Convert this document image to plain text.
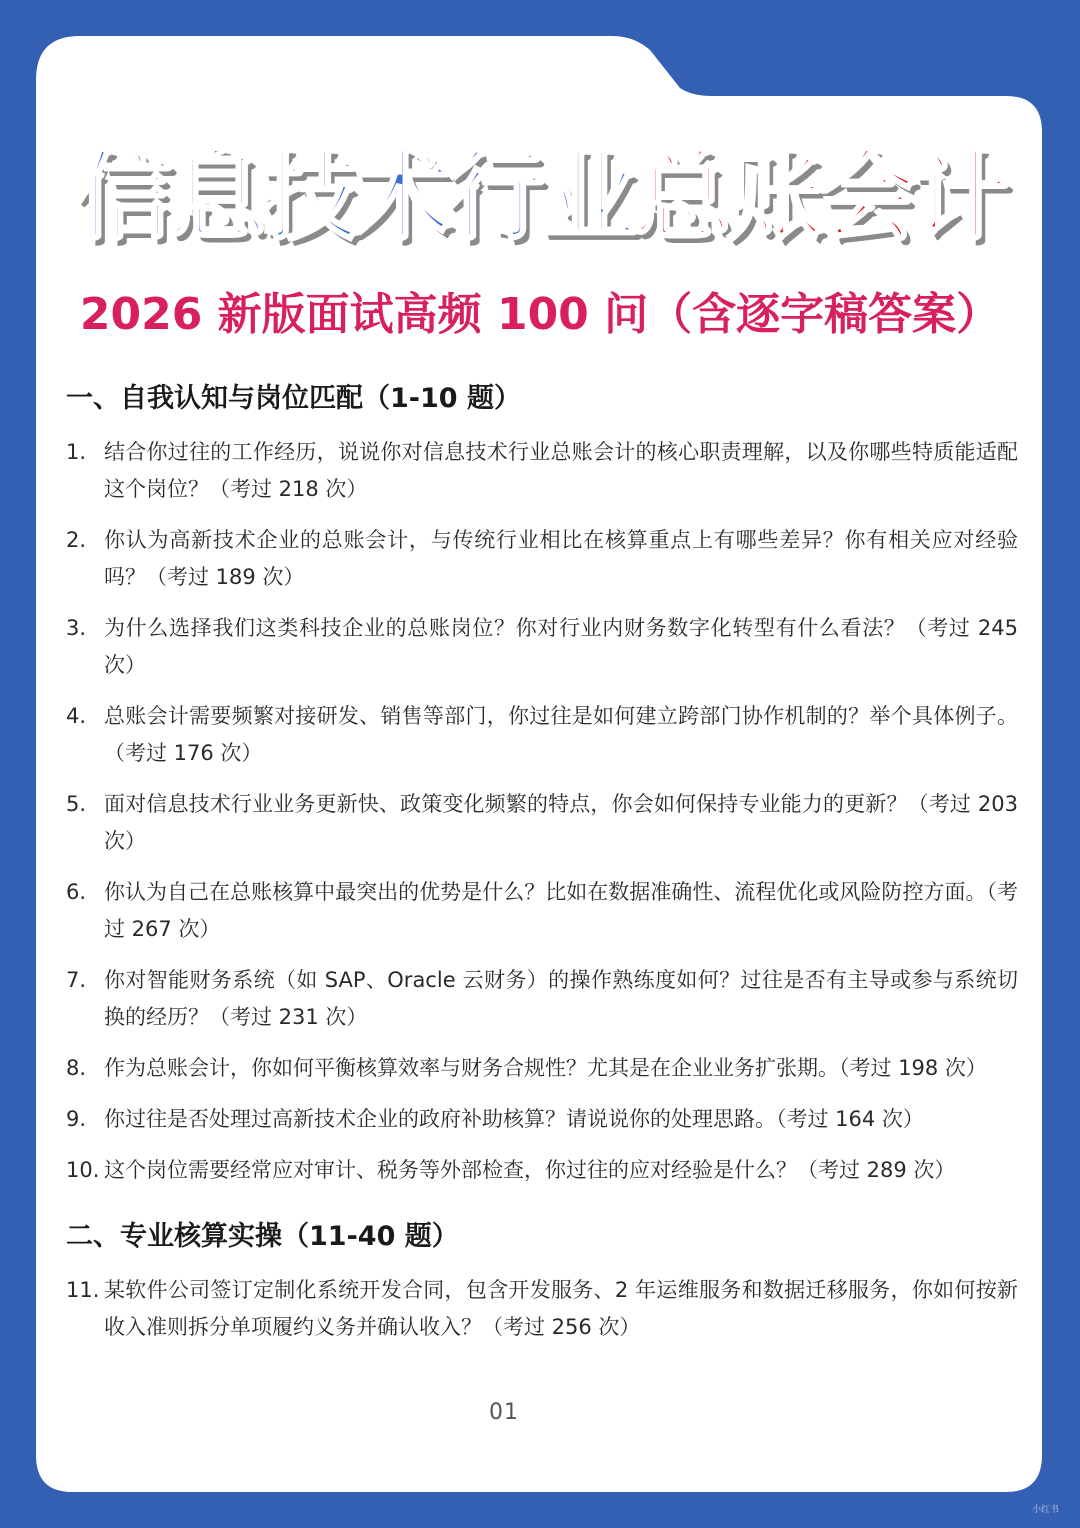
信息技术行业总账会计
2026 新版面试高频 100 问（含逐字稿答案）
一、自我认知与岗位匹配（1-10 题）
1. 结合你过往的工作经历，说说你对信息技术行业总账会计的核心职责理解，以及你哪些特质能适配这个岗位？（考过 218 次）
2. 你认为高新技术企业的总账会计，与传统行业相比在核算重点上有哪些差异？你有相关应对经验吗？（考过 189 次）
3. 为什么选择我们这类科技企业的总账岗位？你对行业内财务数字化转型有什么看法？（考过 245 次）
4. 总账会计需要频繁对接研发、销售等部门，你过往是如何建立跨部门协作机制的？举个具体例子。（考过 176 次）
5. 面对信息技术行业业务更新快、政策变化频繁的特点，你会如何保持专业能力的更新？（考过 203 次）
6. 你认为自己在总账核算中最突出的优势是什么？比如在数据准确性、流程优化或风险防控方面。（考过 267 次）
7. 你对智能财务系统（如 SAP、Oracle 云财务）的操作熟练度如何？过往是否有主导或参与系统切换的经历？（考过 231 次）
8. 作为总账会计，你如何平衡核算效率与财务合规性？尤其是在企业业务扩张期。（考过 198 次）
9. 你过往是否处理过高新技术企业的政府补助核算？请说说你的处理思路。（考过 164 次）
10. 这个岗位需要经常应对审计、税务等外部检查，你过往的应对经验是什么？（考过 289 次）
二、专业核算实操（11-40 题）
11. 某软件公司签订定制化系统开发合同，包含开发服务、2 年运维服务和数据迁移服务，你如何按新收入准则拆分单项履约义务并确认收入？（考过 256 次）
01
小红书
